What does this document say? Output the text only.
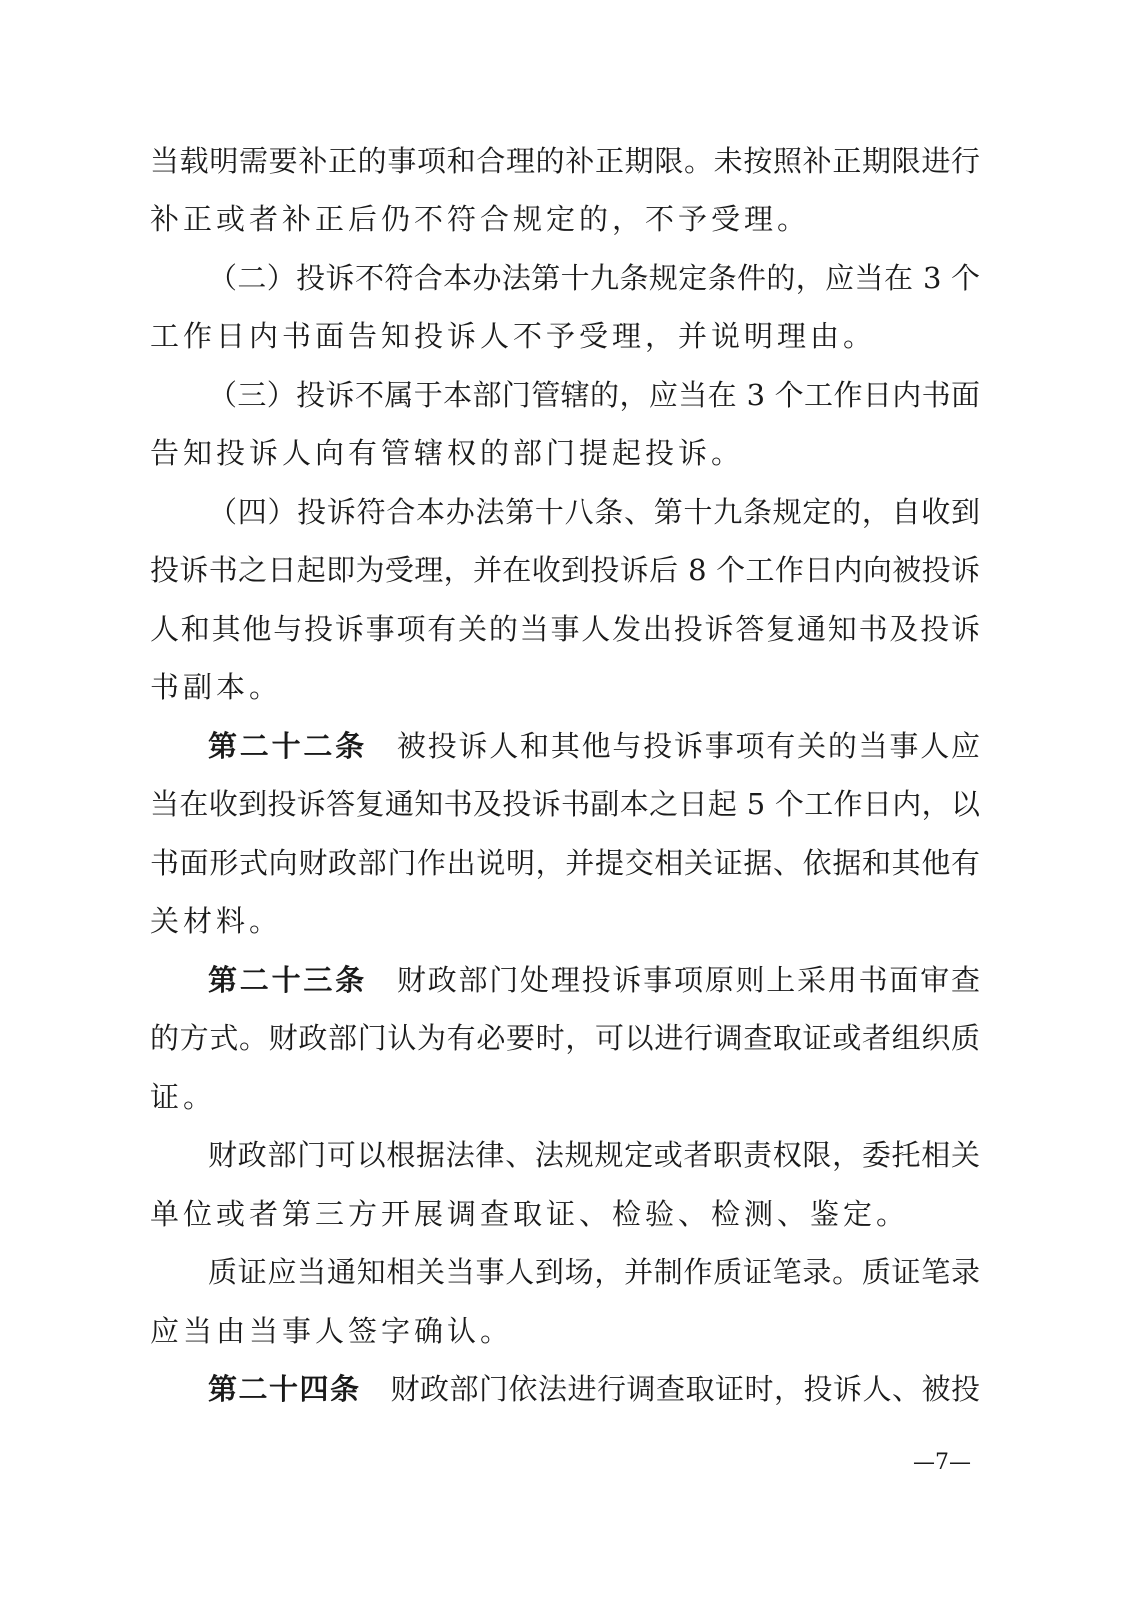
当载明需要补正的事项和合理的补正期限。未按照补正期限进行
补正或者补正后仍不符合规定的，不予受理。
（二）投诉不符合本办法第十九条规定条件的，应当在 3 个
工作日内书面告知投诉人不予受理，并说明理由。
（三）投诉不属于本部门管辖的，应当在 3 个工作日内书面
告知投诉人向有管辖权的部门提起投诉。
（四）投诉符合本办法第十八条、第十九条规定的，自收到
投诉书之日起即为受理，并在收到投诉后 8 个工作日内向被投诉
人和其他与投诉事项有关的当事人发出投诉答复通知书及投诉
书副本。
第二十二条 被投诉人和其他与投诉事项有关的当事人应
当在收到投诉答复通知书及投诉书副本之日起 5 个工作日内，以
书面形式向财政部门作出说明，并提交相关证据、依据和其他有
关材料。
第二十三条 财政部门处理投诉事项原则上采用书面审查
的方式。财政部门认为有必要时，可以进行调查取证或者组织质
证。
财政部门可以根据法律、法规规定或者职责权限，委托相关
单位或者第三方开展调查取证、检验、检测、鉴定。
质证应当通知相关当事人到场，并制作质证笔录。质证笔录
应当由当事人签字确认。
第二十四条 财政部门依法进行调查取证时，投诉人、被投
—7—
